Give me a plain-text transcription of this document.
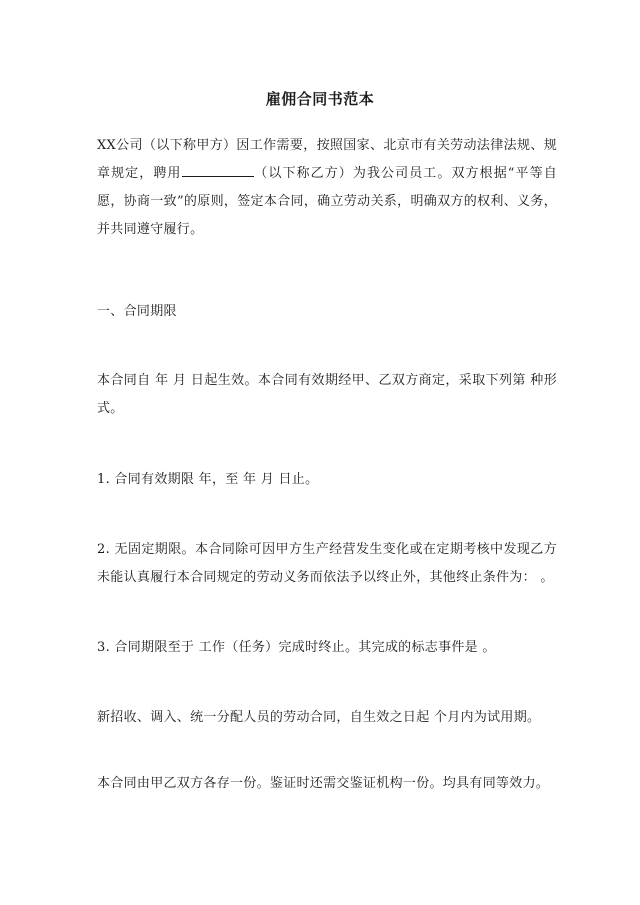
雇佣合同书范本

XX公司（以下称甲方）因工作需要，按照国家、北京市有关劳动法律法规、规章规定，聘用	（以下称乙方）为我公司员工。双方根据“平等自愿，协商一致”的原则，签定本合同，确立劳动关系，明确双方的权利、义务，并共同遵守履行。

一、合同期限

本合同自 年 月 日起生效。本合同有效期经甲、乙双方商定，采取下列第 种形式。

1. 合同有效期限 年，至 年 月 日止。

2. 无固定期限。本合同除可因甲方生产经营发生变化或在定期考核中发现乙方未能认真履行本合同规定的劳动义务而依法予以终止外，其他终止条件为： 。

3. 合同期限至于 工作（任务）完成时终止。其完成的标志事件是 。

新招收、调入、统一分配人员的劳动合同，自生效之日起 个月内为试用期。

本合同由甲乙双方各存一份。鉴证时还需交鉴证机构一份。均具有同等效力。
